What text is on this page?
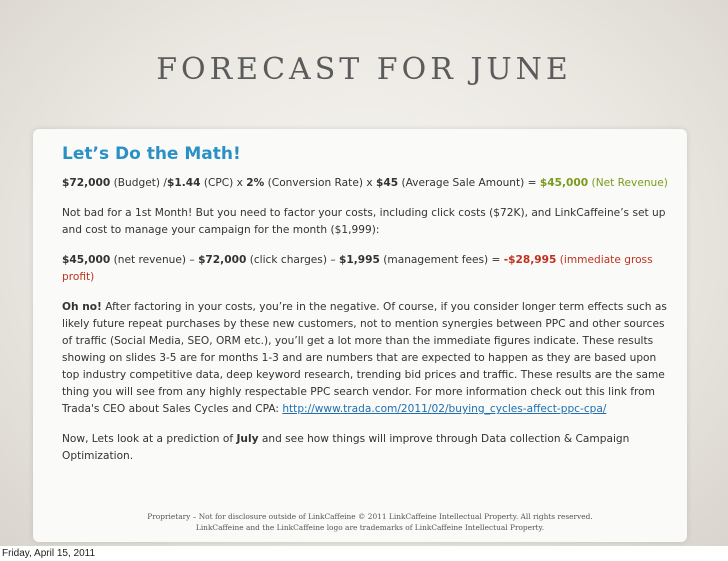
FORECAST FOR JUNE
Let’s Do the Math!

$72,000 (Budget) /$1.44 (CPC) x 2% (Conversion Rate) x $45 (Average Sale Amount) = $45,000 (Net Revenue)

Not bad for a 1st Month! But you need to factor your costs, including click costs ($72K), and LinkCaffeine’s set up and cost to manage your campaign for the month ($1,999):

$45,000 (net revenue) – $72,000 (click charges) – $1,995 (management fees) = -$28,995 (immediate gross profit)

Oh no! After factoring in your costs, you’re in the negative. Of course, if you consider longer term effects such as likely future repeat purchases by these new customers, not to mention synergies between PPC and other sources of traffic (Social Media, SEO, ORM etc.), you’ll get a lot more than the immediate figures indicate. These results showing on slides 3-5 are for months 1-3 and are numbers that are expected to happen as they are based upon top industry competitive data, deep keyword research, trending bid prices and traffic. These results are the same thing you will see from any highly respectable PPC search vendor. For more information check out this link from Trada's CEO about Sales Cycles and CPA: http://www.trada.com/2011/02/buying_cycles-affect-ppc-cpa/

Now, Lets look at a prediction of July and see how things will improve through Data collection & Campaign Optimization.

Proprietary – Not for disclosure outside of LinkCaffeine © 2011 LinkCaffeine Intellectual Property. All rights reserved.
LinkCaffeine and the LinkCaffeine logo are trademarks of LinkCaffeine Intellectual Property.
Friday, April 15, 2011
